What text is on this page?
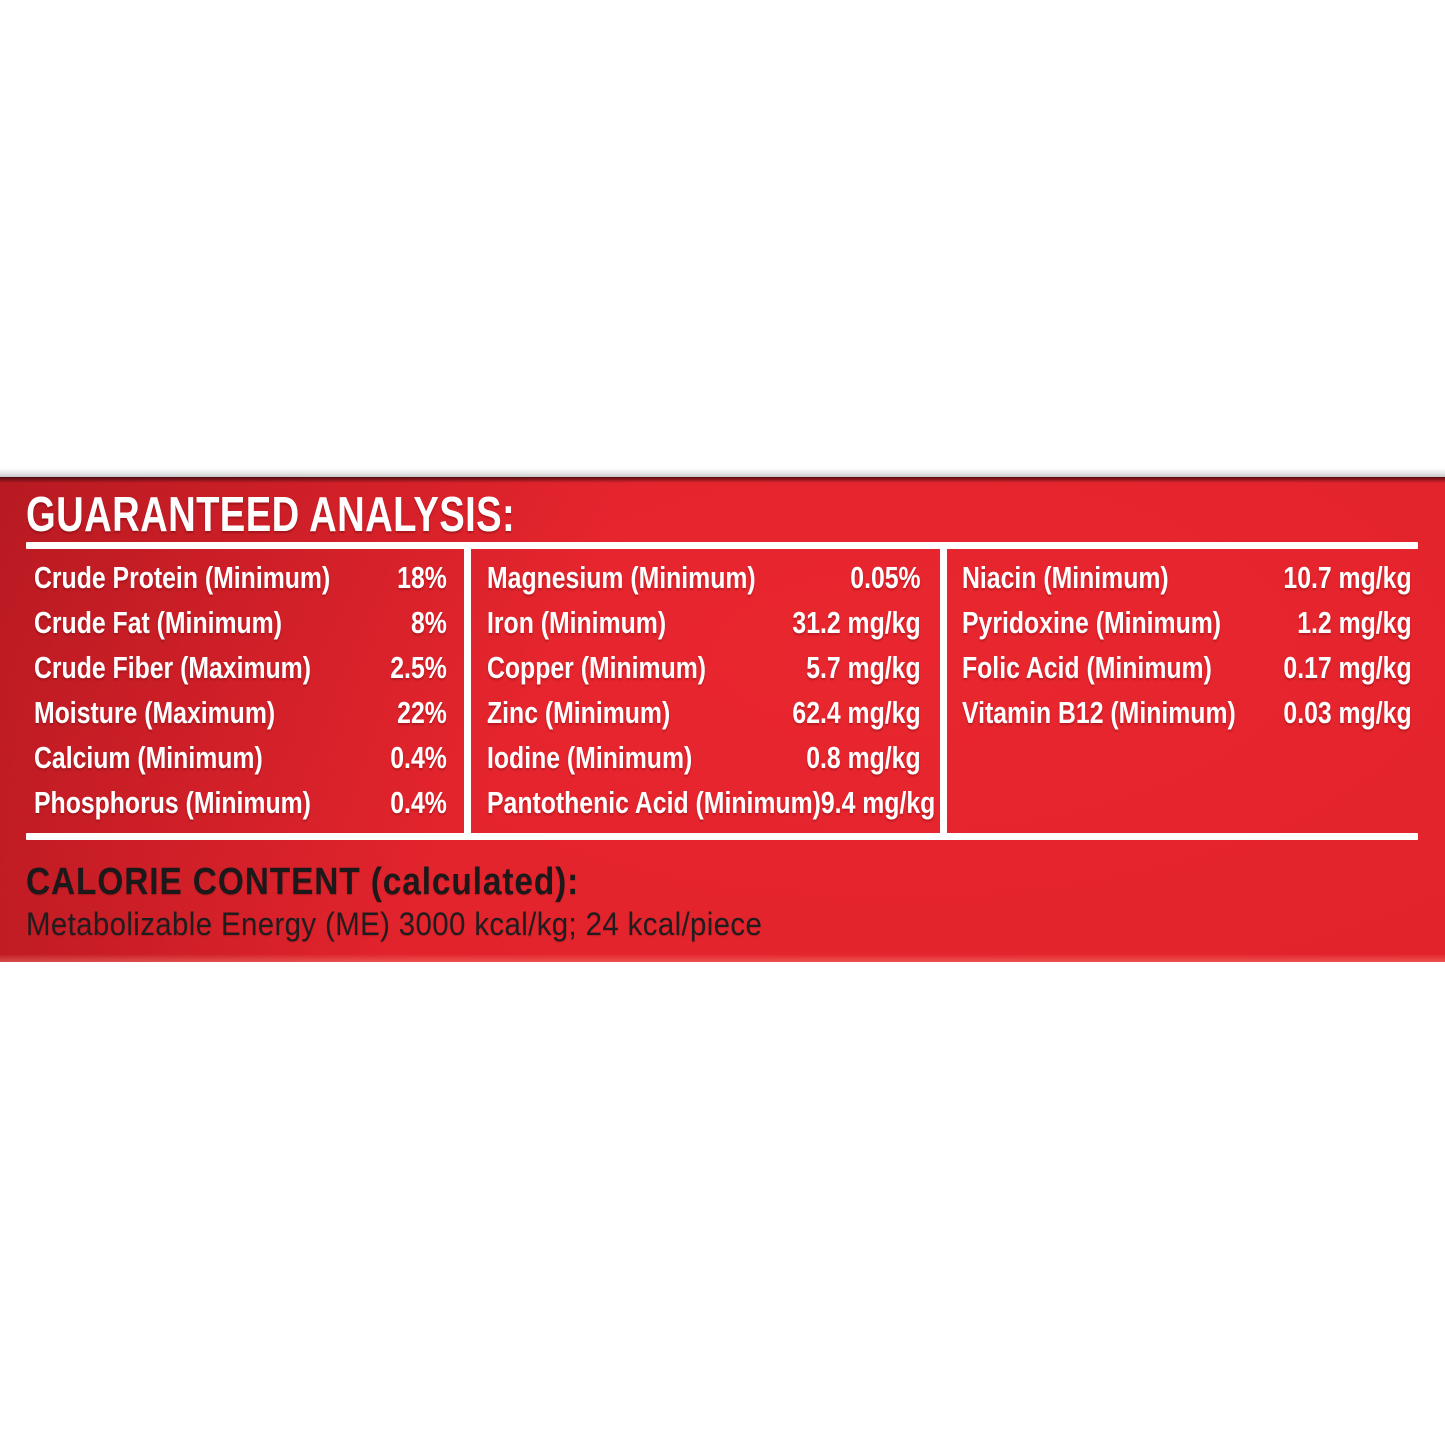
GUARANTEED ANALYSIS:
Crude Protein (Minimum) 18%
Crude Fat (Minimum)	8%
Crude Fiber (Maximum)	2.5%
Moisture (Maximum)	22%
Calcium (Minimum)	0.4%
Phosphorus (Minimum)	0.4%
Magnesium (Minimum)	0.05%
Iron (Minimum)	31.2 mg/kg
Copper (Minimum)	5.7 mg/kg
Zinc (Minimum)	62.4 mg/kg
Iodine (Minimum)	0.8 mg/kg
Pantothenic Acid (Minimum) 9.4 mg/kg
Niacin (Minimum)	10.7 mg/kg
Pyridoxine (Minimum) 1.2 mg/kg
Folic Acid (Minimum) 0.17 mg/kg
Vitamin B12 (Minimum) 0.03 mg/kg
CALORIE CONTENT (calculated):
Metabolizable Energy (ME) 3000 kcal/kg; 24 kcal/piece
